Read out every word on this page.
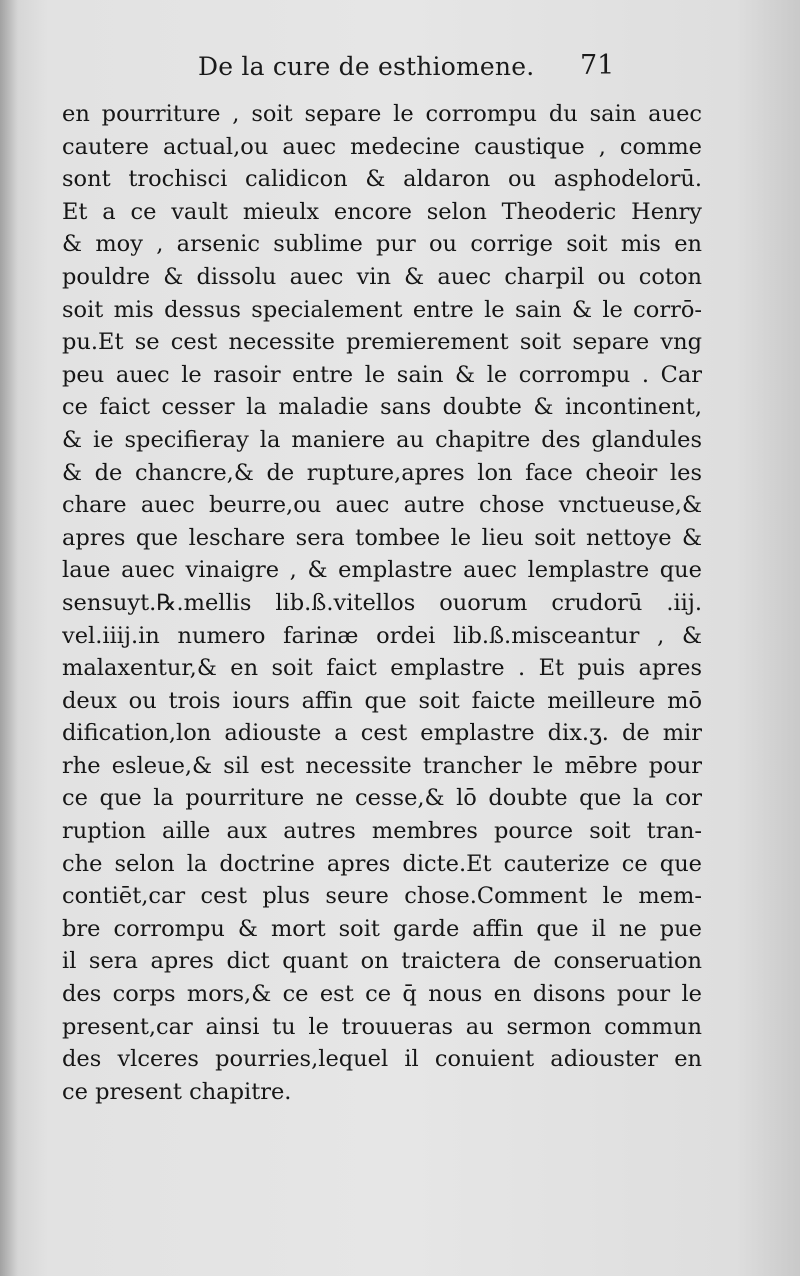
De la cure de esthiomene. 71
en pourriture , soit separe le corrompu du sain auec
cautere actual,ou auec medecine caustique , comme
sont trochisci calidicon & aldaron ou asphodelorū.
Et a ce vault mieulx encore selon Theoderic Henry
& moy , arsenic sublime pur ou corrige soit mis en
pouldre & dissolu auec vin & auec charpil ou coton
soit mis dessus specialement entre le sain & le corrō-
pu.Et se cest necessite premierement soit separe vng
peu auec le rasoir entre le sain & le corrompu . Car
ce faict cesser la maladie sans doubte & incontinent,
& ie specifieray la maniere au chapitre des glandules
& de chancre,& de rupture,apres lon face cheoir les
chare auec beurre,ou auec autre chose vnctueuse,&
apres que leschare sera tombee le lieu soit nettoye &
laue auec vinaigre , & emplastre auec lemplastre que
sensuyt.℞.mellis lib.ß.vitellos ouorum crudorū .iij.
vel.iiij.in numero farinæ ordei lib.ß.misceantur , &
malaxentur,& en soit faict emplastre . Et puis apres
deux ou trois iours affin que soit faicte meilleure mō
dification,lon adiouste a cest emplastre dix.ʒ. de mir
rhe esleue,& sil est necessite trancher le mēbre pour
ce que la pourriture ne cesse,& lō doubte que la cor
ruption aille aux autres membres pource soit tran-
che selon la doctrine apres dicte.Et cauterize ce que
contiēt,car cest plus seure chose.Comment le mem-
bre corrompu & mort soit garde affin que il ne pue
il sera apres dict quant on traictera de conseruation
des corps mors,& ce est ce q̄ nous en disons pour le
present,car ainsi tu le trouueras au sermon commun
des vlceres pourries,lequel il conuient adiouster en
ce present chapitre.
